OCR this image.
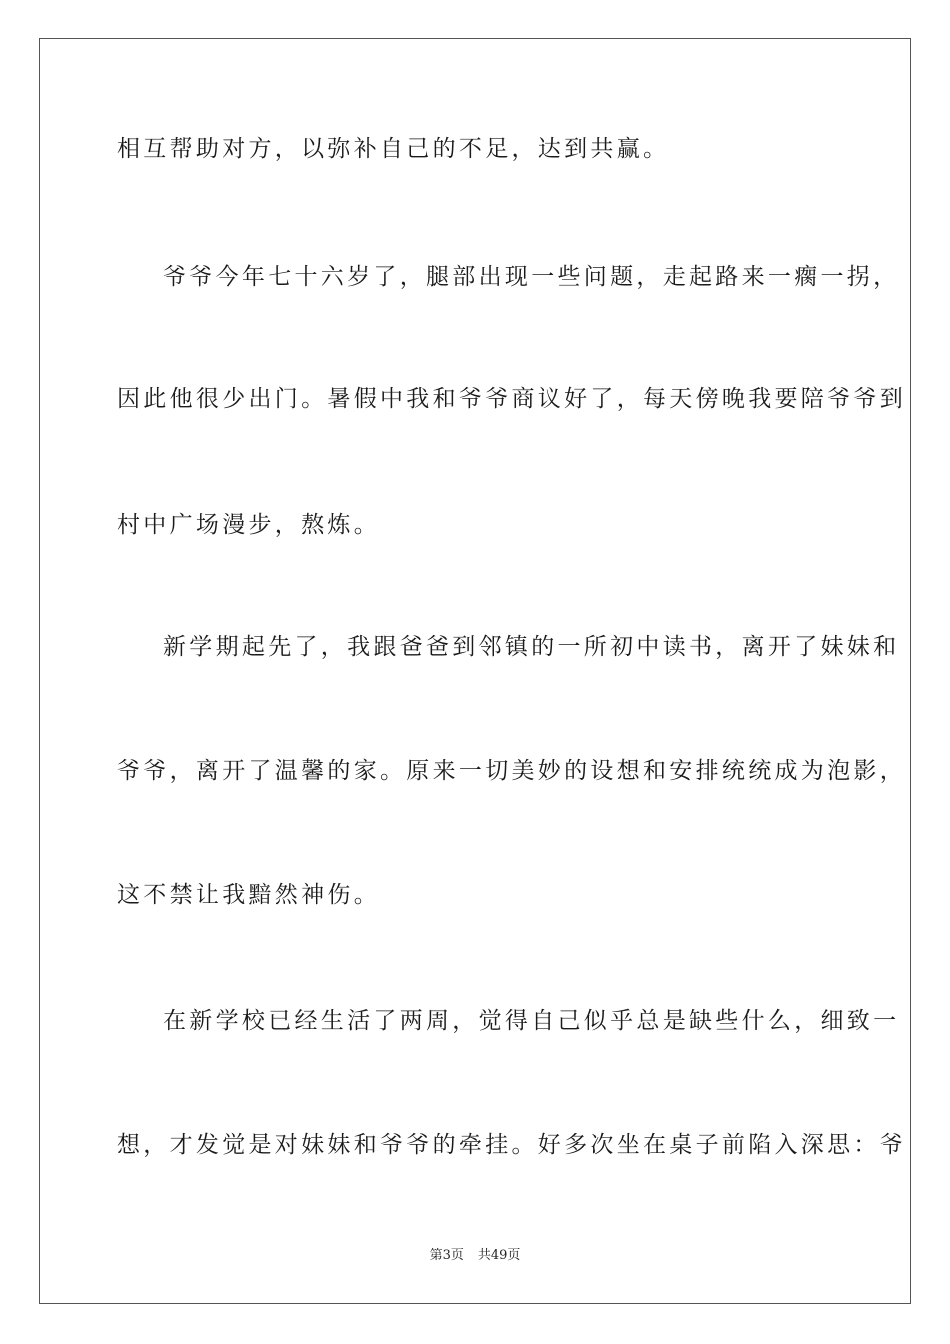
相互帮助对方，以弥补自己的不足，达到共赢。
爷爷今年七十六岁了，腿部出现一些问题，走起路来一瘸一拐，
因此他很少出门。暑假中我和爷爷商议好了，每天傍晚我要陪爷爷到
村中广场漫步，熬炼。
新学期起先了，我跟爸爸到邻镇的一所初中读书，离开了妹妹和
爷爷，离开了温馨的家。原来一切美妙的设想和安排统统成为泡影，
这不禁让我黯然神伤。
在新学校已经生活了两周，觉得自己似乎总是缺些什么，细致一
想，才发觉是对妹妹和爷爷的牵挂。好多次坐在桌子前陷入深思：爷
第3页 共49页
